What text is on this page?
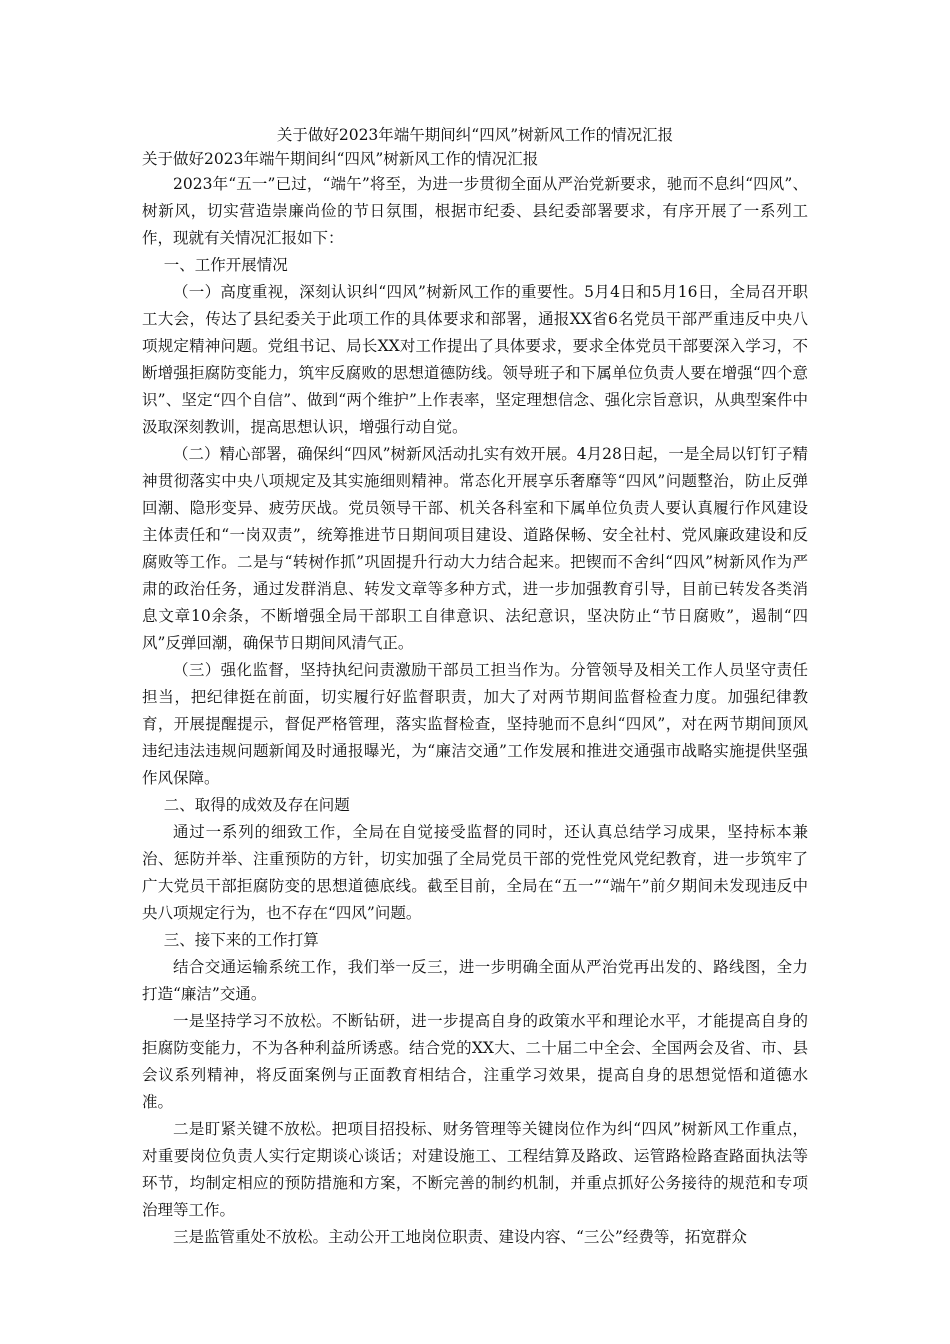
关于做好2023年端午期间纠“四风”树新风工作的情况汇报

关于做好2023年端午期间纠“四风”树新风工作的情况汇报

2023年“五一”已过，“端午”将至，为进一步贯彻全面从严治党新要求，驰而不息纠“四风”、树新风，切实营造崇廉尚俭的节日氛围，根据市纪委、县纪委部署要求，有序开展了一系列工作，现就有关情况汇报如下：

一、工作开展情况

（一）高度重视，深刻认识纠“四风”树新风工作的重要性。5月4日和5月16日，全局召开职工大会，传达了县纪委关于此项工作的具体要求和部署，通报XX省6名党员干部严重违反中央八项规定精神问题。党组书记、局长XX对工作提出了具体要求，要求全体党员干部要深入学习，不断增强拒腐防变能力，筑牢反腐败的思想道德防线。领导班子和下属单位负责人要在增强“四个意识”、坚定“四个自信”、做到“两个维护”上作表率，坚定理想信念、强化宗旨意识，从典型案件中汲取深刻教训，提高思想认识，增强行动自觉。

（二）精心部署，确保纠“四风”树新风活动扎实有效开展。4月28日起，一是全局以钉钉子精神贯彻落实中央八项规定及其实施细则精神。常态化开展享乐奢靡等“四风”问题整治，防止反弹回潮、隐形变异、疲劳厌战。党员领导干部、机关各科室和下属单位负责人要认真履行作风建设主体责任和“一岗双责”，统筹推进节日期间项目建设、道路保畅、安全社村、党风廉政建设和反腐败等工作。二是与“转树作抓”巩固提升行动大力结合起来。把锲而不舍纠“四风”树新风作为严肃的政治任务，通过发群消息、转发文章等多种方式，进一步加强教育引导，目前已转发各类消息文章10余条，不断增强全局干部职工自律意识、法纪意识，坚决防止“节日腐败”，遏制“四风”反弹回潮，确保节日期间风清气正。

（三）强化监督，坚持执纪问责激励干部员工担当作为。分管领导及相关工作人员坚守责任担当，把纪律挺在前面，切实履行好监督职责，加大了对两节期间监督检查力度。加强纪律教育，开展提醒提示，督促严格管理，落实监督检查，坚持驰而不息纠“四风”，对在两节期间顶风违纪违法违规问题新闻及时通报曝光，为“廉洁交通”工作发展和推进交通强市战略实施提供坚强作风保障。

二、取得的成效及存在问题

通过一系列的细致工作，全局在自觉接受监督的同时，还认真总结学习成果，坚持标本兼治、惩防并举、注重预防的方针，切实加强了全局党员干部的党性党风党纪教育，进一步筑牢了广大党员干部拒腐防变的思想道德底线。截至目前，全局在“五一”“端午”前夕期间未发现违反中央八项规定行为，也不存在“四风”问题。

三、接下来的工作打算

结合交通运输系统工作，我们举一反三，进一步明确全面从严治党再出发的、路线图，全力打造“廉洁”交通。

一是坚持学习不放松。不断钻研，进一步提高自身的政策水平和理论水平，才能提高自身的拒腐防变能力，不为各种利益所诱惑。结合党的XX大、二十届二中全会、全国两会及省、市、县会议系列精神，将反面案例与正面教育相结合，注重学习效果，提高自身的思想觉悟和道德水准。

二是盯紧关键不放松。把项目招投标、财务管理等关键岗位作为纠“四风”树新风工作重点，对重要岗位负责人实行定期谈心谈话；对建设施工、工程结算及路政、运管路检路查路面执法等环节，均制定相应的预防措施和方案，不断完善的制约机制，并重点抓好公务接待的规范和专项治理等工作。

三是监管重处不放松。主动公开工地岗位职责、建设内容、“三公”经费等，拓宽群众
